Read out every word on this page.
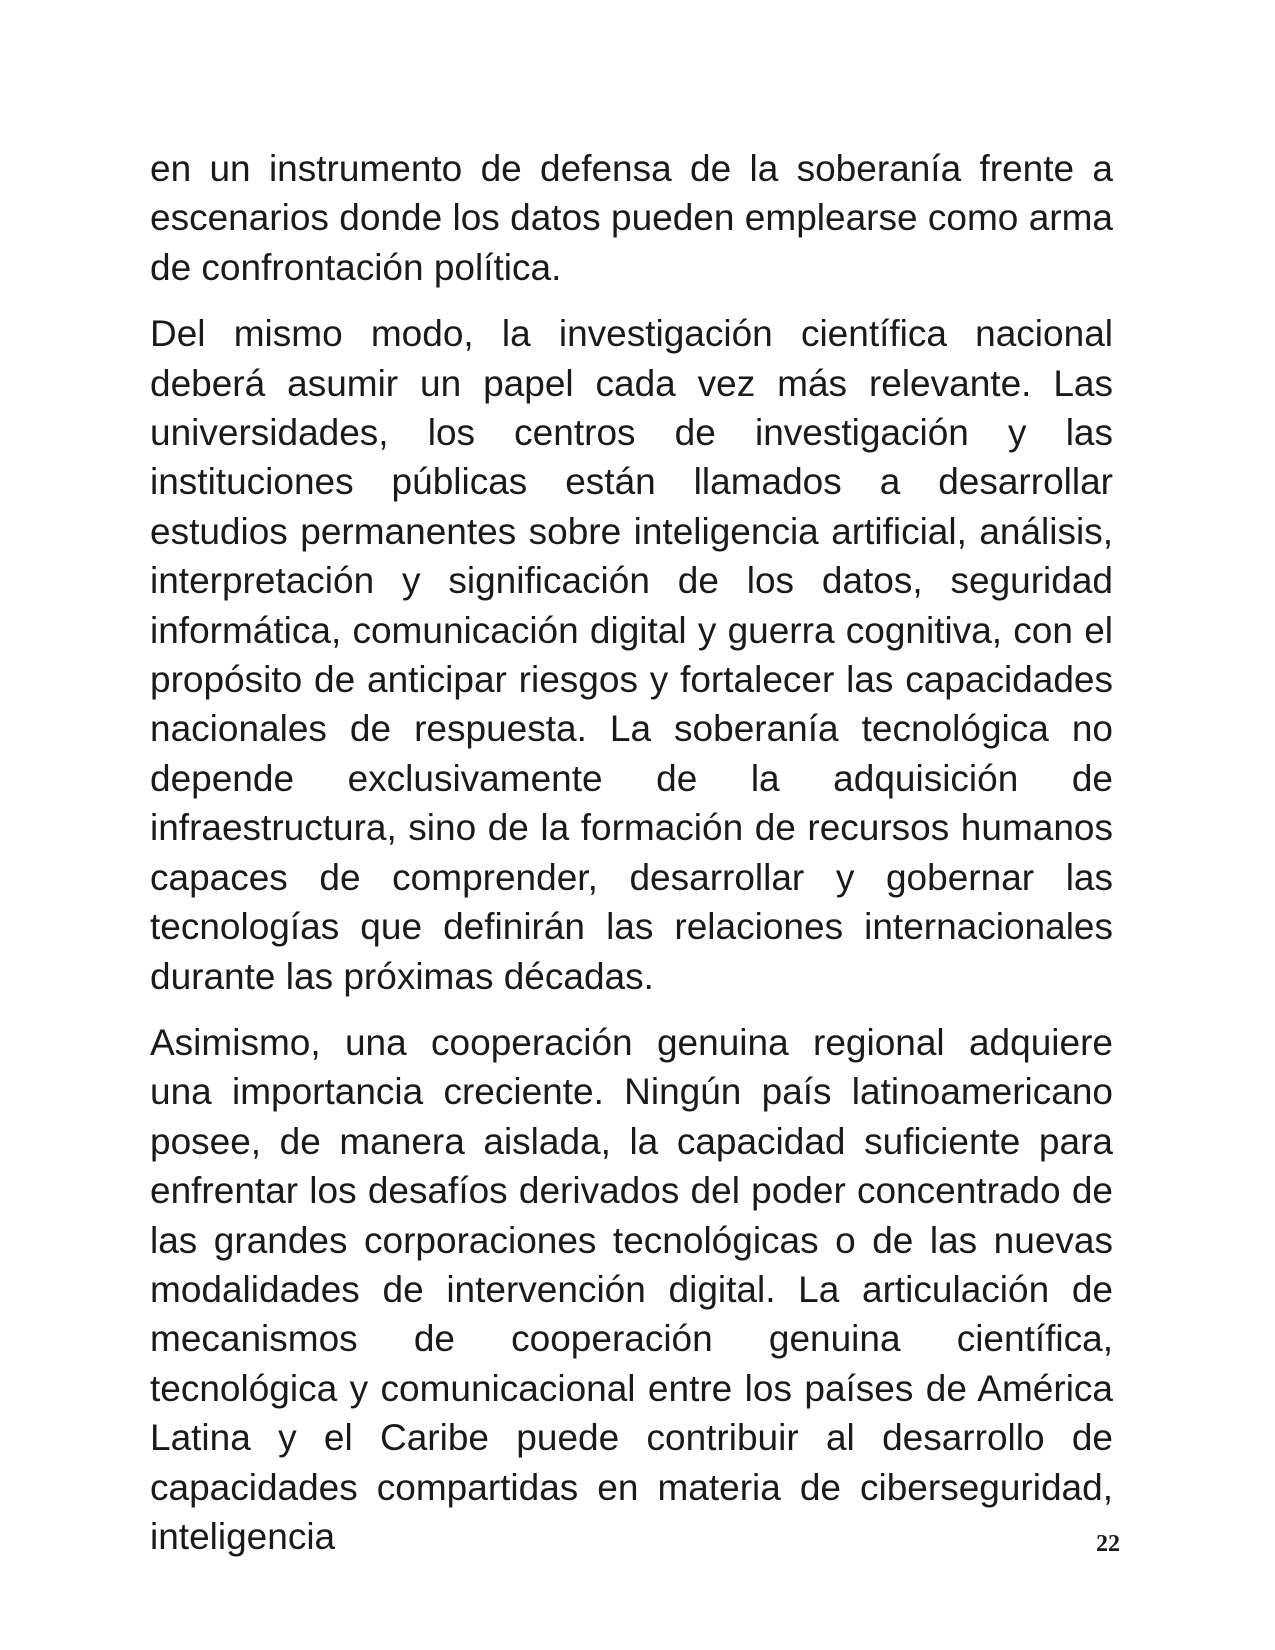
en un instrumento de defensa de la soberanía frente a escenarios donde los datos pueden emplearse como arma de confrontación política.

Del mismo modo, la investigación científica nacional deberá asumir un papel cada vez más relevante. Las universidades, los centros de investigación y las instituciones públicas están llamados a desarrollar estudios permanentes sobre inteligencia artificial, análisis, interpretación y significación de los datos, seguridad informática, comunicación digital y guerra cognitiva, con el propósito de anticipar riesgos y fortalecer las capacidades nacionales de respuesta. La soberanía tecnológica no depende exclusivamente de la adquisición de infraestructura, sino de la formación de recursos humanos capaces de comprender, desarrollar y gobernar las tecnologías que definirán las relaciones internacionales durante las próximas décadas.

Asimismo, una cooperación genuina regional adquiere una importancia creciente. Ningún país latinoamericano posee, de manera aislada, la capacidad suficiente para enfrentar los desafíos derivados del poder concentrado de las grandes corporaciones tecnológicas o de las nuevas modalidades de intervención digital. La articulación de mecanismos de cooperación genuina científica, tecnológica y comunicacional entre los países de América Latina y el Caribe puede contribuir al desarrollo de capacidades compartidas en materia de ciberseguridad, inteligencia	22
